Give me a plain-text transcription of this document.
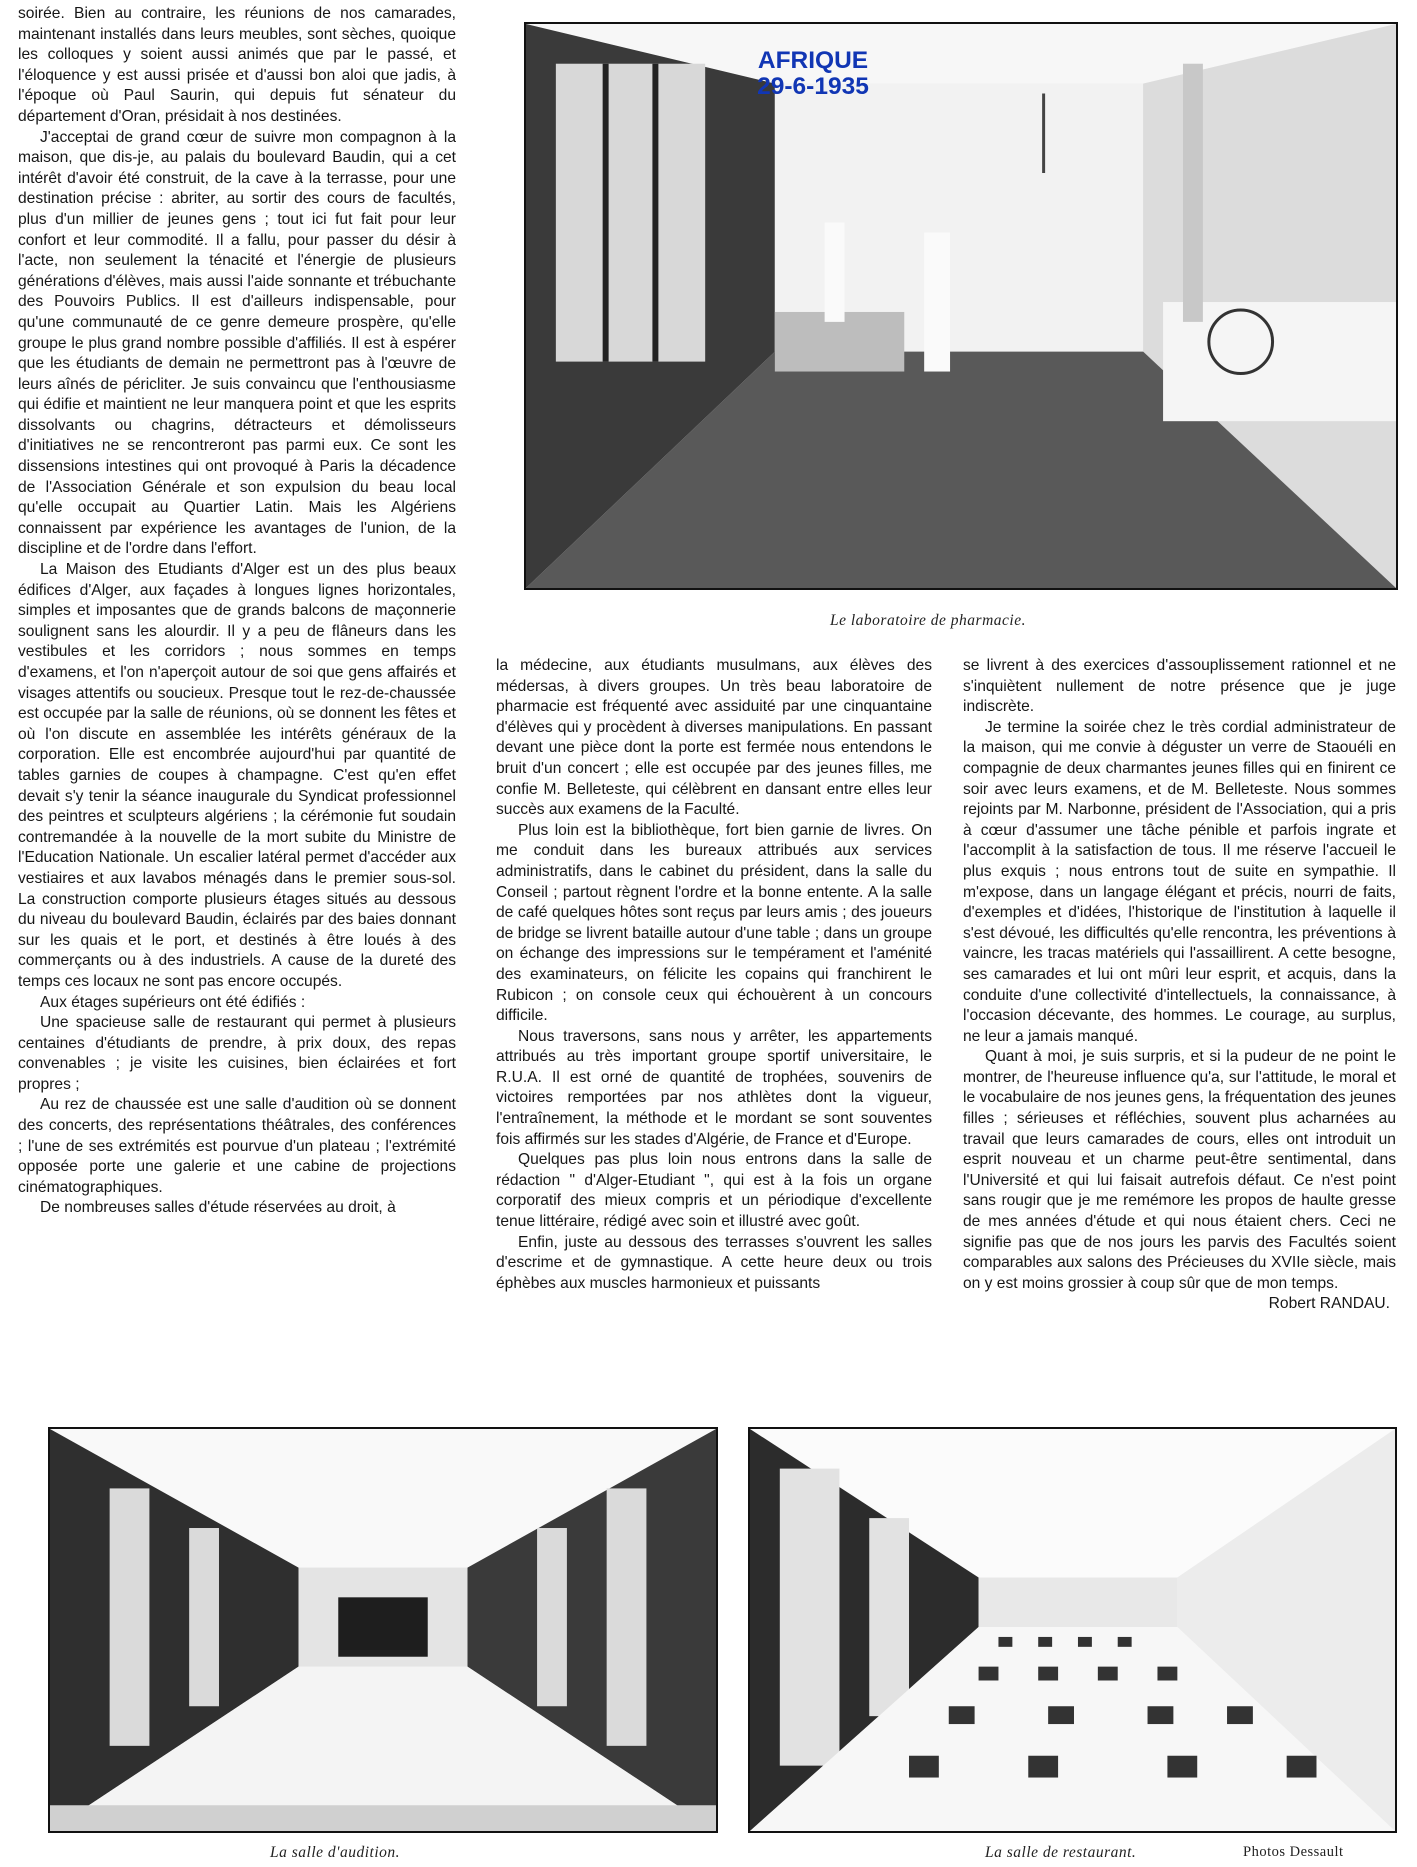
soirée. Bien au contraire, les réunions de nos camarades, maintenant installés dans leurs meubles, sont sèches, quoique les colloques y soient aussi animés que par le passé, et l'éloquence y est aussi prisée et d'aussi bon aloi que jadis, à l'époque où Paul Saurin, qui depuis fut sénateur du département d'Oran, présidait à nos destinées.

J'acceptai de grand cœur de suivre mon compagnon à la maison, que dis-je, au palais du boulevard Baudin, qui a cet intérêt d'avoir été construit, de la cave à la terrasse, pour une destination précise : abriter, au sortir des cours de facultés, plus d'un millier de jeunes gens ; tout ici fut fait pour leur confort et leur commodité. Il a fallu, pour passer du désir à l'acte, non seulement la ténacité et l'énergie de plusieurs générations d'élèves, mais aussi l'aide sonnante et trébuchante des Pouvoirs Publics. Il est d'ailleurs indispensable, pour qu'une communauté de ce genre demeure prospère, qu'elle groupe le plus grand nombre possible d'affiliés. Il est à espérer que les étudiants de demain ne permettront pas à l'œuvre de leurs aînés de péricliter. Je suis convaincu que l'enthousiasme qui édifie et maintient ne leur manquera point et que les esprits dissolvants ou chagrins, détracteurs et démolisseurs d'initiatives ne se rencontreront pas parmi eux. Ce sont les dissensions intestines qui ont provoqué à Paris la décadence de l'Association Générale et son expulsion du beau local qu'elle occupait au Quartier Latin. Mais les Algériens connaissent par expérience les avantages de l'union, de la discipline et de l'ordre dans l'effort.

La Maison des Etudiants d'Alger est un des plus beaux édifices d'Alger, aux façades à longues lignes horizontales, simples et imposantes que de grands balcons de maçonnerie soulignent sans les alourdir. Il y a peu de flâneurs dans les vestibules et les corridors ; nous sommes en temps d'examens, et l'on n'aperçoit autour de soi que gens affairés et visages attentifs ou soucieux. Presque tout le rez-de-chaussée est occupée par la salle de réunions, où se donnent les fêtes et où l'on discute en assemblée les intérêts généraux de la corporation. Elle est encombrée aujourd'hui par quantité de tables garnies de coupes à champagne. C'est qu'en effet devait s'y tenir la séance inaugurale du Syndicat professionnel des peintres et sculpteurs algériens ; la cérémonie fut soudain contremandée à la nouvelle de la mort subite du Ministre de l'Education Nationale. Un escalier latéral permet d'accéder aux vestiaires et aux lavabos ménagés dans le premier sous-sol. La construction comporte plusieurs étages situés au dessous du niveau du boulevard Baudin, éclairés par des baies donnant sur les quais et le port, et destinés à être loués à des commerçants ou à des industriels. A cause de la dureté des temps ces locaux ne sont pas encore occupés.

Aux étages supérieurs ont été édifiés :

Une spacieuse salle de restaurant qui permet à plusieurs centaines d'étudiants de prendre, à prix doux, des repas convenables ; je visite les cuisines, bien éclairées et fort propres ;

Au rez de chaussée est une salle d'audition où se donnent des concerts, des représentations théâtrales, des conférences ; l'une de ses extrémités est pourvue d'un plateau ; l'extrémité opposée porte une galerie et une cabine de projections cinématographiques.

De nombreuses salles d'étude réservées au droit, à

AFRIQUE
29-6-1935
Le laboratoire de pharmacie.

la médecine, aux étudiants musulmans, aux élèves des médersas, à divers groupes. Un très beau laboratoire de pharmacie est fréquenté avec assiduité par une cinquantaine d'élèves qui y procèdent à diverses manipulations. En passant devant une pièce dont la porte est fermée nous entendons le bruit d'un concert ; elle est occupée par des jeunes filles, me confie M. Belleteste, qui célèbrent en dansant entre elles leur succès aux examens de la Faculté.

Plus loin est la bibliothèque, fort bien garnie de livres. On me conduit dans les bureaux attribués aux services administratifs, dans le cabinet du président, dans la salle du Conseil ; partout règnent l'ordre et la bonne entente. A la salle de café quelques hôtes sont reçus par leurs amis ; des joueurs de bridge se livrent bataille autour d'une table ; dans un groupe on échange des impressions sur le tempérament et l'aménité des examinateurs, on félicite les copains qui franchirent le Rubicon ; on console ceux qui échouèrent à un concours difficile.

Nous traversons, sans nous y arrêter, les appartements attribués au très important groupe sportif universitaire, le R.U.A. Il est orné de quantité de trophées, souvenirs de victoires remportées par nos athlètes dont la vigueur, l'entraînement, la méthode et le mordant se sont souventes fois affirmés sur les stades d'Algérie, de France et d'Europe.

Quelques pas plus loin nous entrons dans la salle de rédaction " d'Alger-Etudiant ", qui est à la fois un organe corporatif des mieux compris et un périodique d'excellente tenue littéraire, rédigé avec soin et illustré avec goût.

Enfin, juste au dessous des terrasses s'ouvrent les salles d'escrime et de gymnastique. A cette heure deux ou trois éphèbes aux muscles harmonieux et puissants

se livrent à des exercices d'assouplissement rationnel et ne s'inquiètent nullement de notre présence que je juge indiscrète.

Je termine la soirée chez le très cordial administrateur de la maison, qui me convie à déguster un verre de Staouéli en compagnie de deux charmantes jeunes filles qui en finirent ce soir avec leurs examens, et de M. Belleteste. Nous sommes rejoints par M. Narbonne, président de l'Association, qui a pris à cœur d'assumer une tâche pénible et parfois ingrate et l'accomplit à la satisfaction de tous. Il me réserve l'accueil le plus exquis ; nous entrons tout de suite en sympathie. Il m'expose, dans un langage élégant et précis, nourri de faits, d'exemples et d'idées, l'historique de l'institution à laquelle il s'est dévoué, les difficultés qu'elle rencontra, les préventions à vaincre, les tracas matériels qui l'assaillirent. A cette besogne, ses camarades et lui ont mûri leur esprit, et acquis, dans la conduite d'une collectivité d'intellectuels, la connaissance, à l'occasion décevante, des hommes. Le courage, au surplus, ne leur a jamais manqué.

Quant à moi, je suis surpris, et si la pudeur de ne point le montrer, de l'heureuse influence qu'a, sur l'attitude, le moral et le vocabulaire de nos jeunes gens, la fréquentation des jeunes filles ; sérieuses et réfléchies, souvent plus acharnées au travail que leurs camarades de cours, elles ont introduit un esprit nouveau et un charme peut-être sentimental, dans l'Université et qui lui faisait autrefois défaut. Ce n'est point sans rougir que je me remémore les propos de haulte gresse de mes années d'étude et qui nous étaient chers. Ceci ne signifie pas que de nos jours les parvis des Facultés soient comparables aux salons des Précieuses du XVIIe siècle, mais on y est moins grossier à coup sûr que de mon temps.

Robert RANDAU.
La salle d'audition.	La salle de restaurant.	Photos Dessault
